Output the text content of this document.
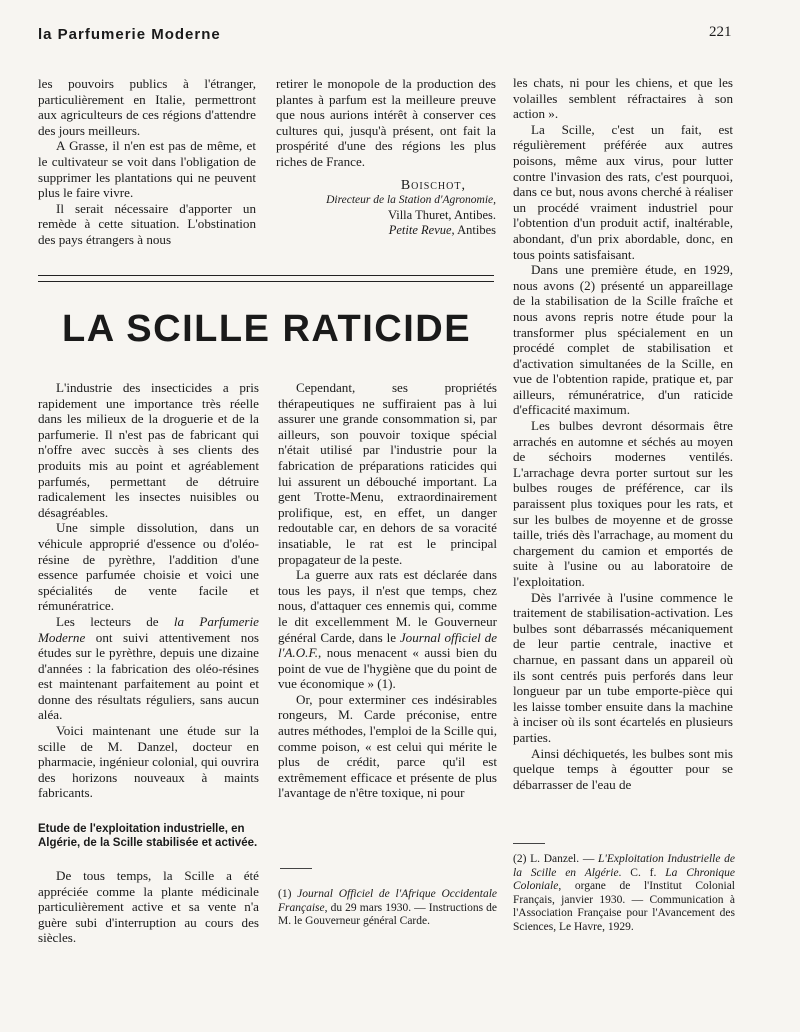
la Parfumerie Moderne	221

les pouvoirs publics à l'étranger, particulièrement en Italie, permettront aux agriculteurs de ces régions d'attendre des jours meilleurs.

A Grasse, il n'en est pas de même, et le cultivateur se voit dans l'obligation de supprimer les plantations qui ne peuvent plus le faire vivre.

Il serait nécessaire d'apporter un remède à cette situation. L'obstination des pays étrangers à nous

retirer le monopole de la production des plantes à parfum est la meilleure preuve que nous aurions intérêt à conserver ces cultures qui, jusqu'à présent, ont fait la prospérité d'une des régions les plus riches de France.

Boischot,
Directeur de la Station d'Agronomie,
Villa Thuret, Antibes.
Petite Revue, Antibes
LA SCILLE RATICIDE

L'industrie des insecticides a pris rapidement une importance très réelle dans les milieux de la droguerie et de la parfumerie. Il n'est pas de fabricant qui n'offre avec succès à ses clients des produits mis au point et agréablement parfumés, permettant de détruire radicalement les insectes nuisibles ou désagréables.

Une simple dissolution, dans un véhicule approprié d'essence ou d'oléo-résine de pyrèthre, l'addition d'une essence parfumée choisie et voici une spécialités de vente facile et rémunératrice.

Les lecteurs de la Parfumerie Moderne ont suivi attentivement nos études sur le pyrèthre, depuis une dizaine d'années : la fabrication des oléo-résines est maintenant parfaitement au point et donne des résultats réguliers, sans aucun aléa.

Voici maintenant une étude sur la scille de M. Danzel, docteur en pharmacie, ingénieur colonial, qui ouvrira des horizons nouveaux à maints fabricants.

Etude de l'exploitation industrielle, en Algérie, de la Scille stabilisée et activée.

De tous temps, la Scille a été appréciée comme la plante médicinale particulièrement active et sa vente n'a guère subi d'interruption au cours des siècles.

Cependant, ses propriétés thérapeutiques ne suffiraient pas à lui assurer une grande consommation si, par ailleurs, son pouvoir toxique spécial n'était utilisé par l'industrie pour la fabrication de préparations raticides qui lui assurent un débouché important. La gent Trotte-Menu, extraordinairement prolifique, est, en effet, un danger redoutable car, en dehors de sa voracité insatiable, le rat est le principal propagateur de la peste.

La guerre aux rats est déclarée dans tous les pays, il n'est que temps, chez nous, d'attaquer ces ennemis qui, comme le dit excellemment M. le Gouverneur général Carde, dans le Journal officiel de l'A.O.F., nous menacent « aussi bien du point de vue de l'hygiène que du point de vue économique » (1).

Or, pour exterminer ces indésirables rongeurs, M. Carde préconise, entre autres méthodes, l'emploi de la Scille qui, comme poison, « est celui qui mérite le plus de crédit, parce qu'il est extrêmement efficace et présente de plus l'avantage de n'être toxique, ni pour

(1) Journal Officiel de l'Afrique Occidentale Française, du 29 mars 1930. — Instructions de M. le Gouverneur général Carde.

les chats, ni pour les chiens, et que les volailles semblent réfractaires à son action ».

La Scille, c'est un fait, est régulièrement préférée aux autres poisons, même aux virus, pour lutter contre l'invasion des rats, c'est pourquoi, dans ce but, nous avons cherché à réaliser un procédé vraiment industriel pour l'obtention d'un produit actif, inaltérable, abondant, d'un prix abordable, donc, en tous points satisfaisant.

Dans une première étude, en 1929, nous avons (2) présenté un appareillage de la stabilisation de la Scille fraîche et nous avons repris notre étude pour la transformer plus spécialement en un procédé complet de stabilisation et d'activation simultanées de la Scille, en vue de l'obtention rapide, pratique et, par ailleurs, rémunératrice, d'un raticide d'efficacité maximum.

Les bulbes devront désormais être arrachés en automne et séchés au moyen de séchoirs modernes ventilés. L'arrachage devra porter surtout sur les bulbes rouges de préférence, car ils paraissent plus toxiques pour les rats, et sur les bulbes de moyenne et de grosse taille, triés dès l'arrachage, au moment du chargement du camion et emportés de suite à l'usine ou au laboratoire de l'exploitation.

Dès l'arrivée à l'usine commence le traitement de stabilisation-activation. Les bulbes sont débarrassés mécaniquement de leur partie centrale, inactive et charnue, en passant dans un appareil où ils sont centrés puis perforés dans leur longueur par un tube emporte-pièce qui les laisse tomber ensuite dans la machine à inciser où ils sont écartelés en plusieurs parties.

Ainsi déchiquetés, les bulbes sont mis quelque temps à égoutter pour se débarrasser de l'eau de

(2) L. Danzel. — L'Exploitation Industrielle de la Scille en Algérie. C. f. La Chronique Coloniale, organe de l'Institut Colonial Français, janvier 1930. — Communication à l'Association Française pour l'Avancement des Sciences, Le Havre, 1929.
